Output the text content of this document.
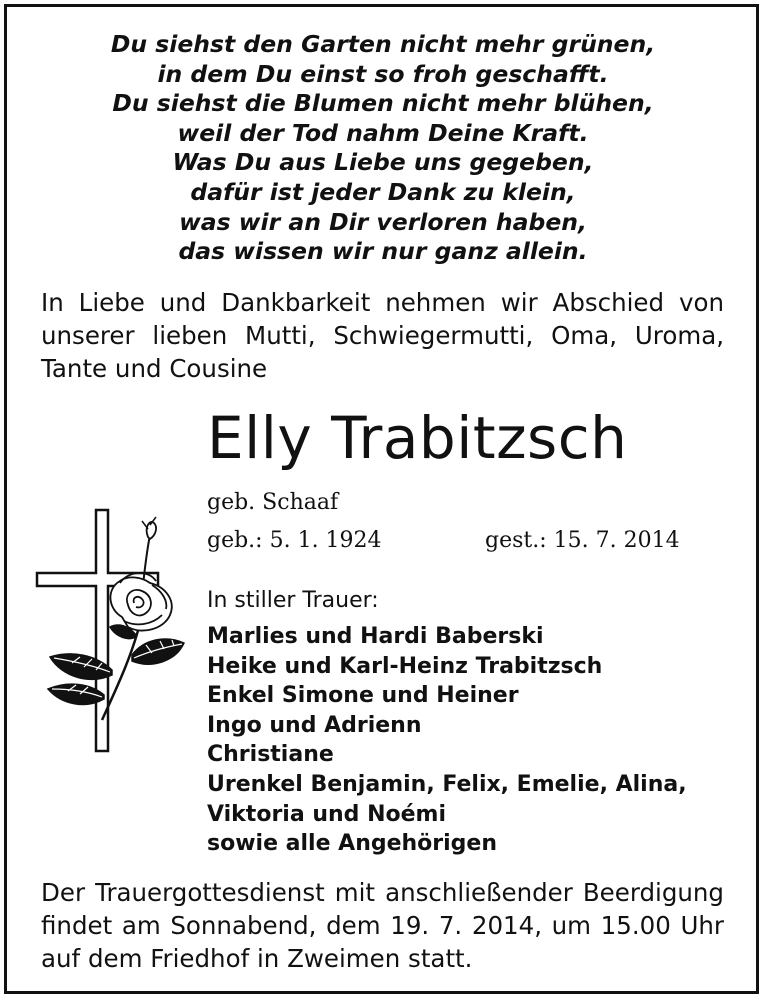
Du siehst den Garten nicht mehr grünen,
in dem Du einst so froh geschafft.
Du siehst die Blumen nicht mehr blühen,
weil der Tod nahm Deine Kraft.
Was Du aus Liebe uns gegeben,
dafür ist jeder Dank zu klein,
was wir an Dir verloren haben,
das wissen wir nur ganz allein.
In Liebe und Dankbarkeit nehmen wir Abschied von
unserer lieben Mutti, Schwiegermutti, Oma, Uroma,
Tante und Cousine
Elly Trabitzsch
geb. Schaaf
geb.: 5. 1. 1924	gest.: 15. 7. 2014
In stiller Trauer:
Marlies und Hardi Baberski
Heike und Karl-Heinz Trabitzsch
Enkel Simone und Heiner
Ingo und Adrienn
Christiane
Urenkel Benjamin, Felix, Emelie, Alina,
Viktoria und Noémi
sowie alle Angehörigen
Der Trauergottesdienst mit anschließender Beerdigung
findet am Sonnabend, dem 19. 7. 2014, um 15.00 Uhr
auf dem Friedhof in Zweimen statt.
